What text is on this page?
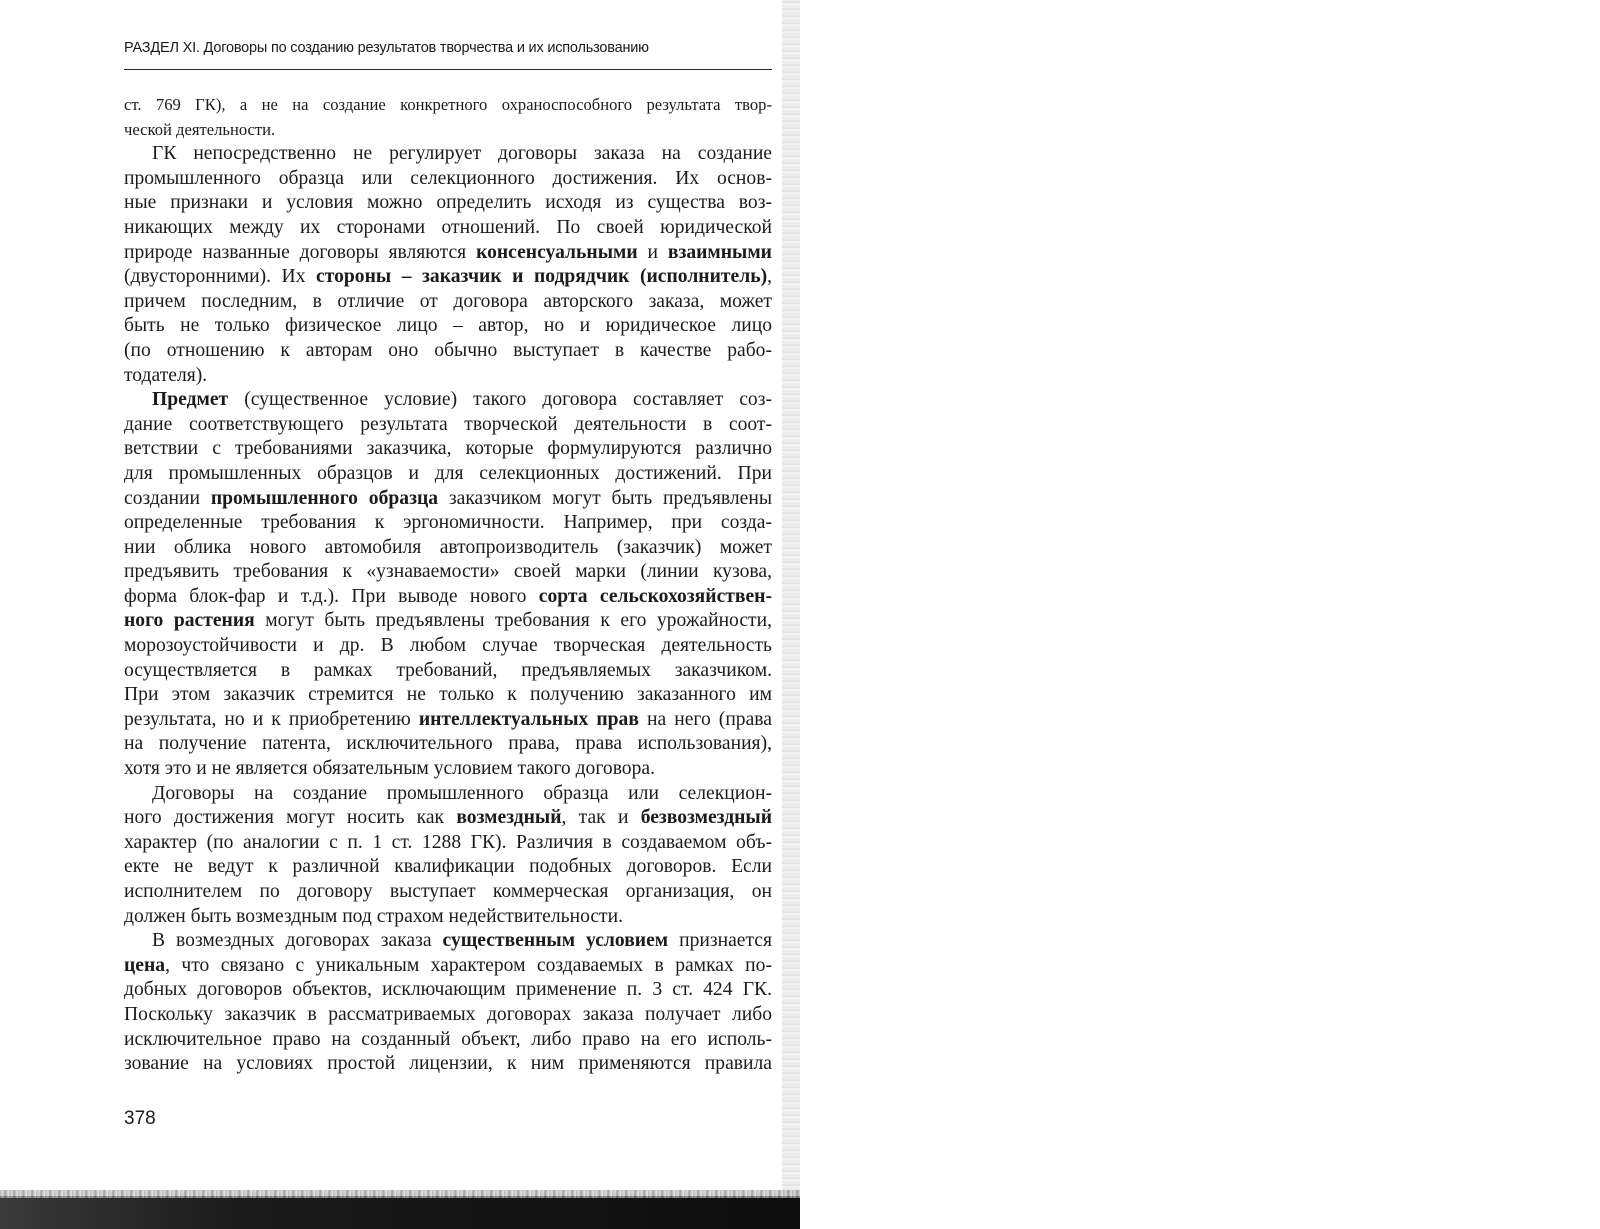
РАЗДЕЛ XI. Договоры по созданию результатов творчества и их использованию
ст. 769 ГК), а не на создание конкретного охраноспособного результата твор-
ческой деятельности.
ГК непосредственно не регулирует договоры заказа на создание
промышленного образца или селекционного достижения. Их основ-
ные признаки и условия можно определить исходя из существа воз-
никающих между их сторонами отношений. По своей юридической
природе названные договоры являются консенсуальными и взаимными
(двусторонними). Их стороны – заказчик и подрядчик (исполнитель),
причем последним, в отличие от договора авторского заказа, может
быть не только физическое лицо – автор, но и юридическое лицо
(по отношению к авторам оно обычно выступает в качестве рабо-
тодателя).
Предмет (существенное условие) такого договора составляет соз-
дание соответствующего результата творческой деятельности в соот-
ветствии с требованиями заказчика, которые формулируются различно
для промышленных образцов и для селекционных достижений. При
создании промышленного образца заказчиком могут быть предъявлены
определенные требования к эргономичности. Например, при созда-
нии облика нового автомобиля автопроизводитель (заказчик) может
предъявить требования к «узнаваемости» своей марки (линии кузова,
форма блок-фар и т.д.). При выводе нового сорта сельскохозяйствен-
ного растения могут быть предъявлены требования к его урожайности,
морозоустойчивости и др. В любом случае творческая деятельность
осуществляется в рамках требований, предъявляемых заказчиком.
При этом заказчик стремится не только к получению заказанного им
результата, но и к приобретению интеллектуальных прав на него (права
на получение патента, исключительного права, права использования),
хотя это и не является обязательным условием такого договора.
Договоры на создание промышленного образца или селекцион-
ного достижения могут носить как возмездный, так и безвозмездный
характер (по аналогии с п. 1 ст. 1288 ГК). Различия в создаваемом объ-
екте не ведут к различной квалификации подобных договоров. Если
исполнителем по договору выступает коммерческая организация, он
должен быть возмездным под страхом недействительности.
В возмездных договорах заказа существенным условием признается
цена, что связано с уникальным характером создаваемых в рамках по-
добных договоров объектов, исключающим применение п. 3 ст. 424 ГК.
Поскольку заказчик в рассматриваемых договорах заказа получает либо
исключительное право на созданный объект, либо право на его исполь-
зование на условиях простой лицензии, к ним применяются правила
378
